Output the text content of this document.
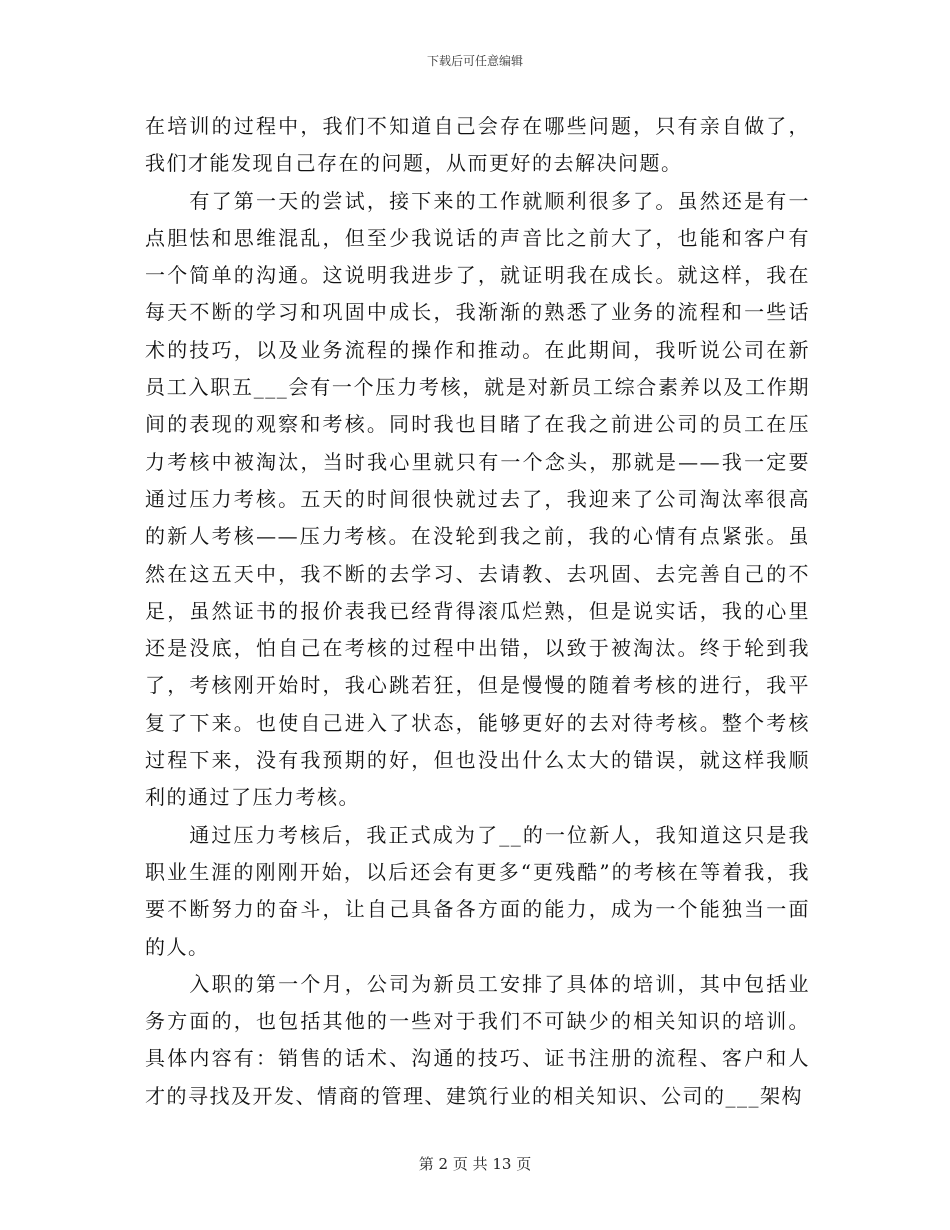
下载后可任意编辑

在培训的过程中，我们不知道自己会存在哪些问题，只有亲自做了，我们才能发现自己存在的问题，从而更好的去解决问题。

　　有了第一天的尝试，接下来的工作就顺利很多了。虽然还是有一点胆怯和思维混乱，但至少我说话的声音比之前大了，也能和客户有一个简单的沟通。这说明我进步了，就证明我在成长。就这样，我在每天不断的学习和巩固中成长，我渐渐的熟悉了业务的流程和一些话术的技巧，以及业务流程的操作和推动。在此期间，我听说公司在新员工入职五___会有一个压力考核，就是对新员工综合素养以及工作期间的表现的观察和考核。同时我也目睹了在我之前进公司的员工在压力考核中被淘汰，当时我心里就只有一个念头，那就是——我一定要通过压力考核。五天的时间很快就过去了，我迎来了公司淘汰率很高的新人考核——压力考核。在没轮到我之前，我的心情有点紧张。虽然在这五天中，我不断的去学习、去请教、去巩固、去完善自己的不足，虽然证书的报价表我已经背得滚瓜烂熟，但是说实话，我的心里还是没底，怕自己在考核的过程中出错，以致于被淘汰。终于轮到我了，考核刚开始时，我心跳若狂，但是慢慢的随着考核的进行，我平复了下来。也使自己进入了状态，能够更好的去对待考核。整个考核过程下来，没有我预期的好，但也没出什么太大的错误，就这样我顺利的通过了压力考核。

　　通过压力考核后，我正式成为了__的一位新人，我知道这只是我职业生涯的刚刚开始，以后还会有更多“更残酷”的考核在等着我，我要不断努力的奋斗，让自己具备各方面的能力，成为一个能独当一面的人。

　　入职的第一个月，公司为新员工安排了具体的培训，其中包括业务方面的，也包括其他的一些对于我们不可缺少的相关知识的培训。具体内容有：销售的话术、沟通的技巧、证书注册的流程、客户和人才的寻找及开发、情商的管理、建筑行业的相关知识、公司的___架构

第 2 页 共 13 页
